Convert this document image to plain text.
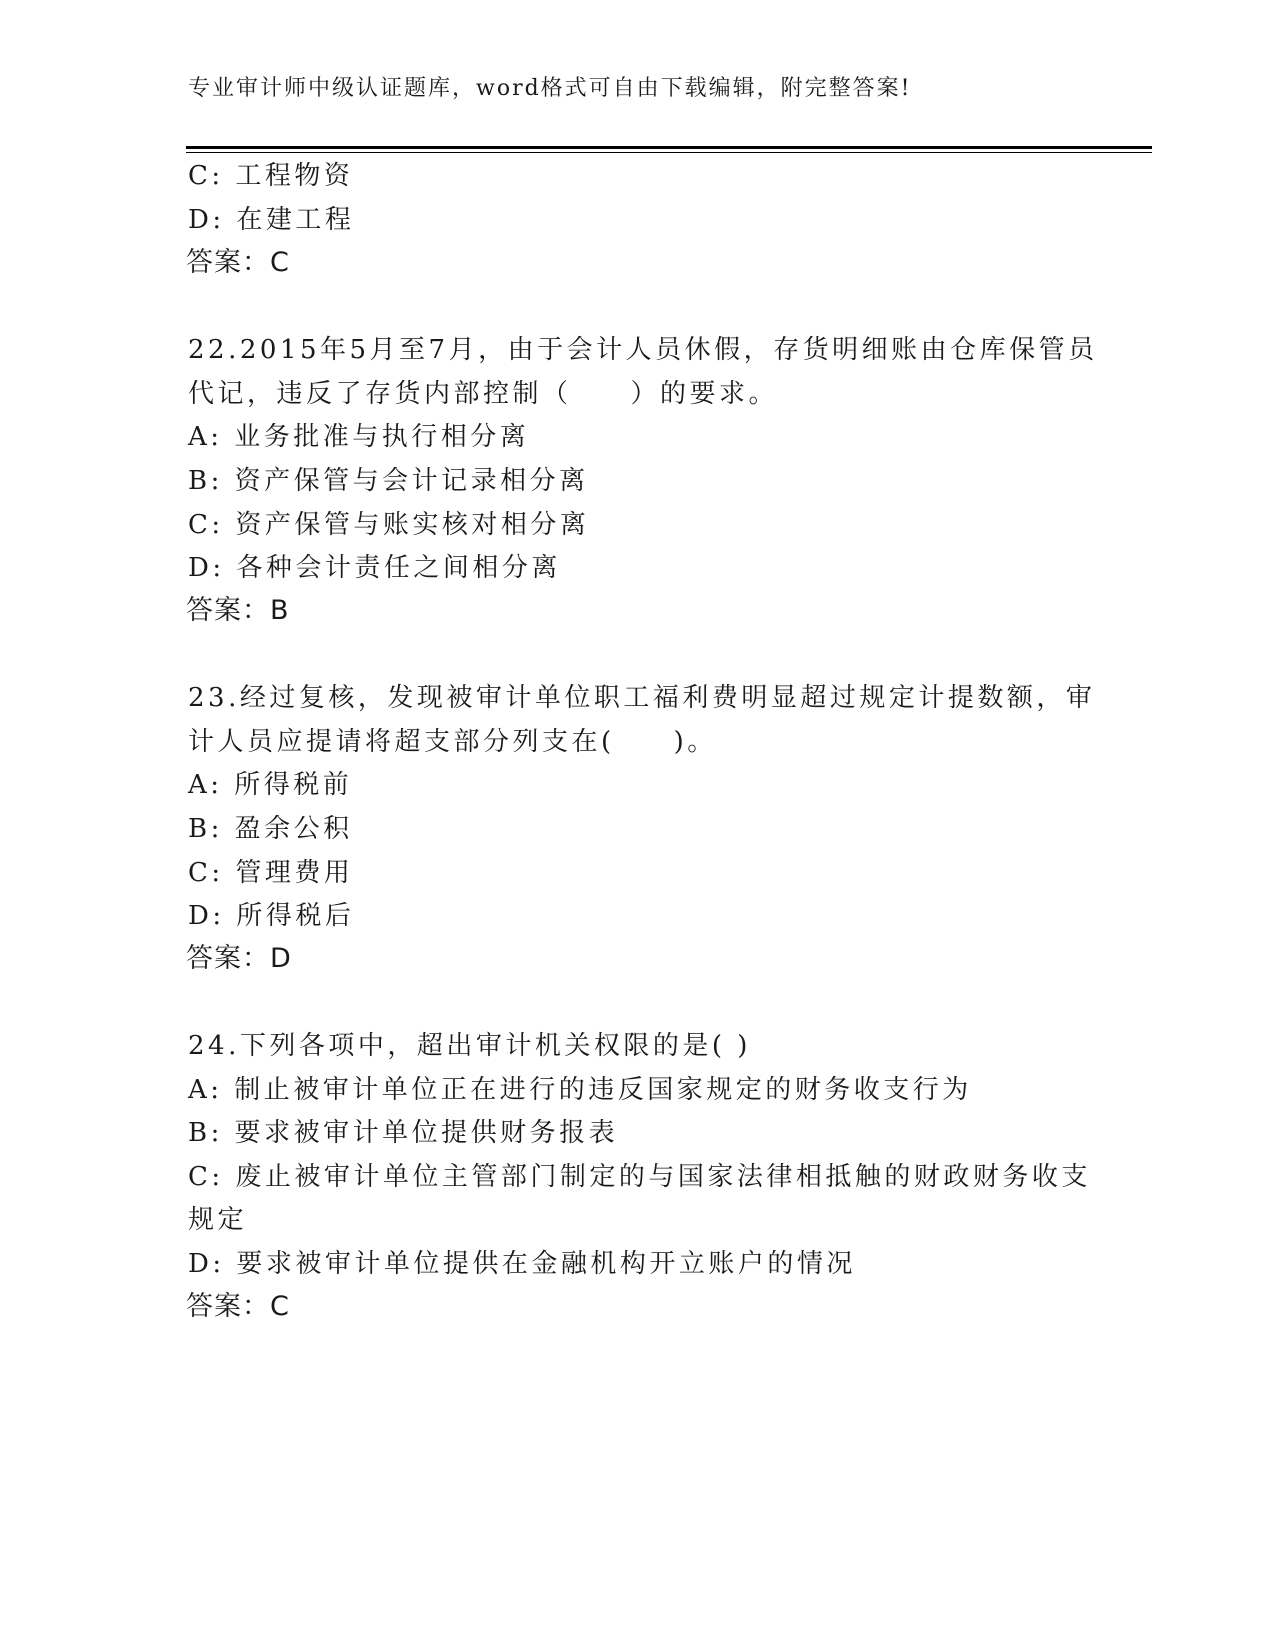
专业审计师中级认证题库，word格式可自由下载编辑，附完整答案!
C: 工程物资
D: 在建工程
答案：C
22.2015年5月至7月，由于会计人员休假，存货明细账由仓库保管员
代记，违反了存货内部控制（　　）的要求。
A: 业务批准与执行相分离
B: 资产保管与会计记录相分离
C: 资产保管与账实核对相分离
D: 各种会计责任之间相分离
答案：B
23.经过复核，发现被审计单位职工福利费明显超过规定计提数额，审
计人员应提请将超支部分列支在(　　)。
A: 所得税前
B: 盈余公积
C: 管理费用
D: 所得税后
答案：D
24.下列各项中，超出审计机关权限的是( )
A: 制止被审计单位正在进行的违反国家规定的财务收支行为
B: 要求被审计单位提供财务报表
C: 废止被审计单位主管部门制定的与国家法律相抵触的财政财务收支
规定
D: 要求被审计单位提供在金融机构开立账户的情况
答案：C
